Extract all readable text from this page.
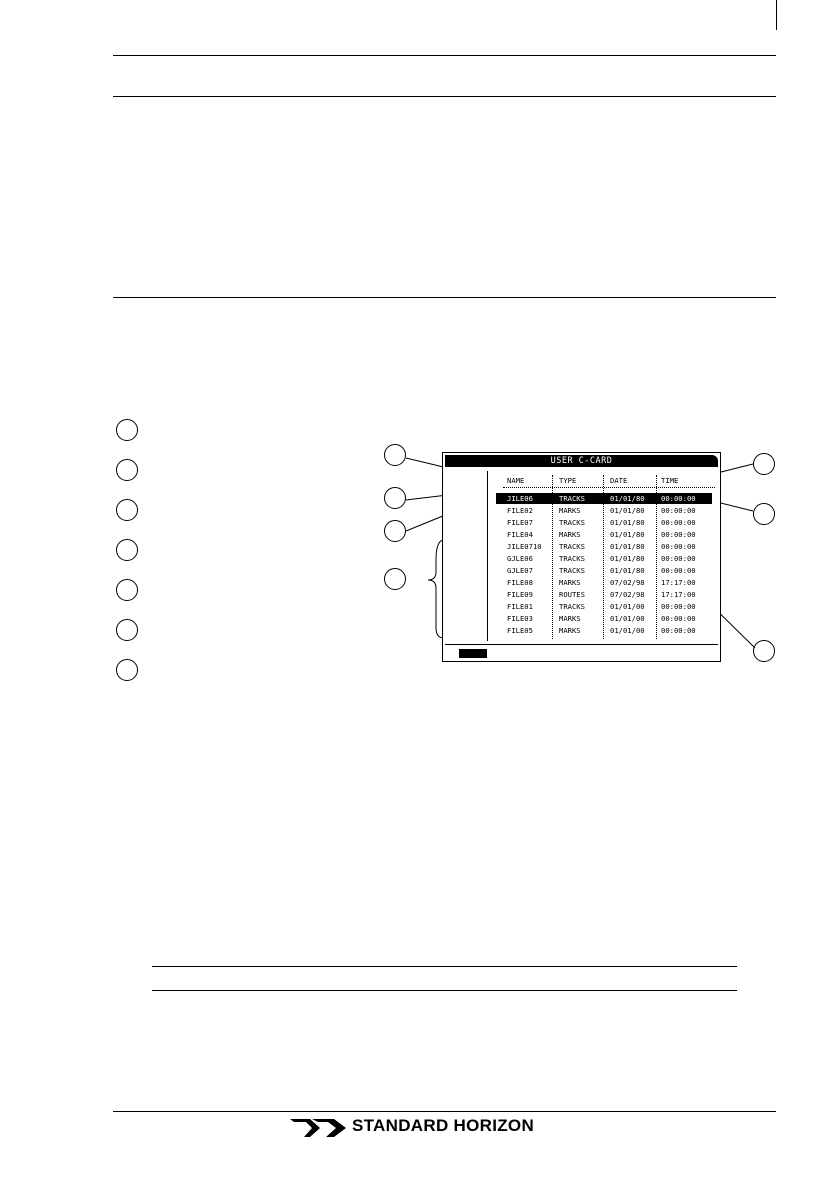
USER C-CARD
NAME	TYPE	DATE	TIME
JILE06	TRACKS	01/01/80 00:00:00
FILE02	MARKS	01/01/80 00:00:00
FILE07	TRACKS	01/01/80 00:00:00
FILE04	MARKS	01/01/80 00:00:00
JILE0710 TRACKS	01/01/80 00:00:00
GJLE06	TRACKS	01/01/80 00:00:00
GJLE07	TRACKS	01/01/80 00:00:00
FILE08	MARKS	07/02/98 17:17:00
FILE09	ROUTES	07/02/98 17:17:00
FILE01	TRACKS	01/01/00 00:00:00
FILE03	MARKS	01/01/00 00:00:00
FILE05	MARKS	01/01/00 00:00:00
STANDARD HORIZON
